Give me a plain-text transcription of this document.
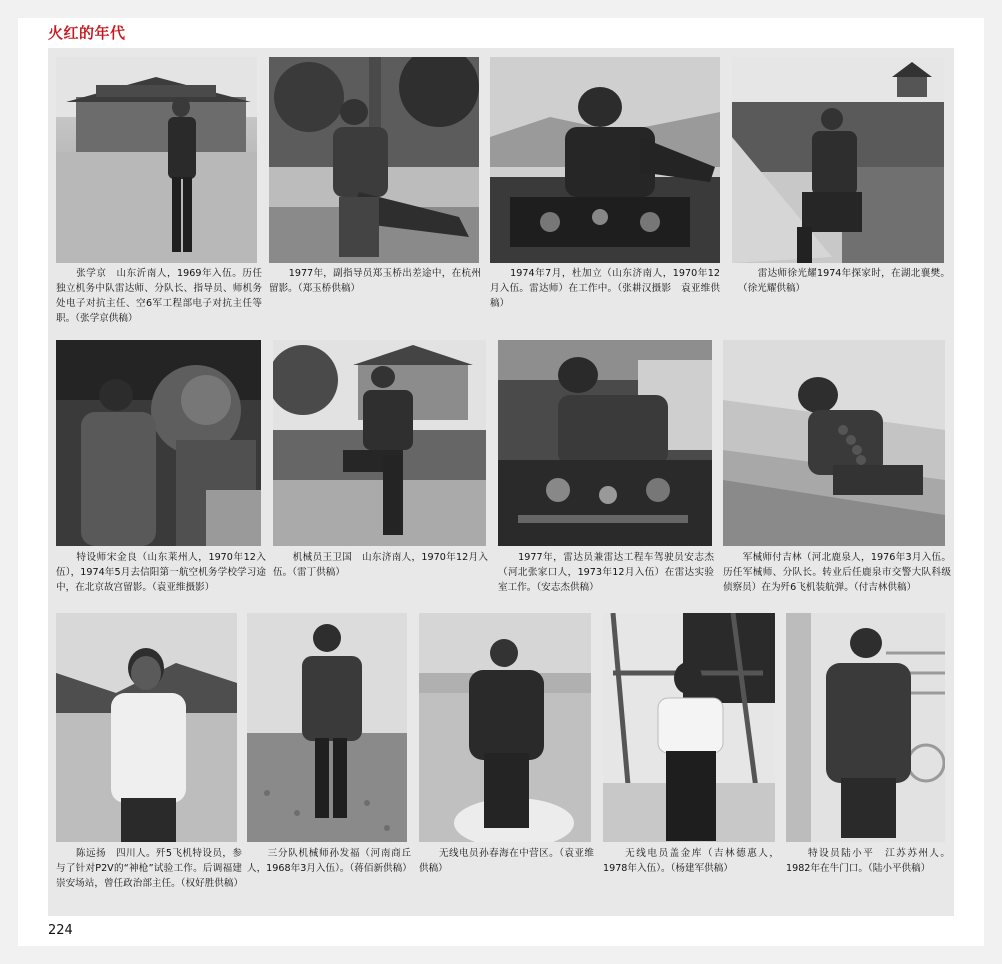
火红的年代
　　张学京　山东沂南人，1969年入伍。历任独立机务中队雷达师、分队长、指导员、师机务处电子对抗主任、空6军工程部电子对抗主任等职。（张学京供稿）
　　1977年，副指导员郑玉桥出差途中，在杭州留影。（郑玉桥供稿）
　　1974年7月，杜加立（山东济南人，1970年12月入伍。雷达师）在工作中。（张耕汉摄影　袁亚维供稿）
　　雷达师徐光耀1974年探家时，在湖北襄樊。（徐光耀供稿）
　　特设师宋金良（山东莱州人，1970年12入伍），1974年5月去信阳第一航空机务学校学习途中，在北京故宫留影。（袁亚维摄影）
　　机械员王卫国　山东济南人，1970年12月入伍。（雷丁供稿）
　　1977年，雷达员兼雷达工程车驾驶员安志杰（河北张家口人，1973年12月入伍）在雷达实验室工作。（安志杰供稿）
　　军械师付吉林（河北鹿泉人，1976年3月入伍。历任军械师、分队长。转业后任鹿泉市交警大队科级侦察员）在为歼6飞机装航弹。（付吉林供稿）
　　陈远扬　四川人。歼5飞机特设员，参与了针对P2V的“神枪”试验工作。后调福建崇安场站，曾任政治部主任。（权好胜供稿）
　　三分队机械师孙发福（河南商丘人，1968年3月入伍）。（蒋佰新供稿）
　　无线电员孙春海在中营区。（袁亚维供稿）
　　无线电员盖金库（吉林德惠人，1978年入伍）。（杨建军供稿）
　　特设员陆小平　江苏苏州人。1982年在牛门口。（陆小平供稿）
224
